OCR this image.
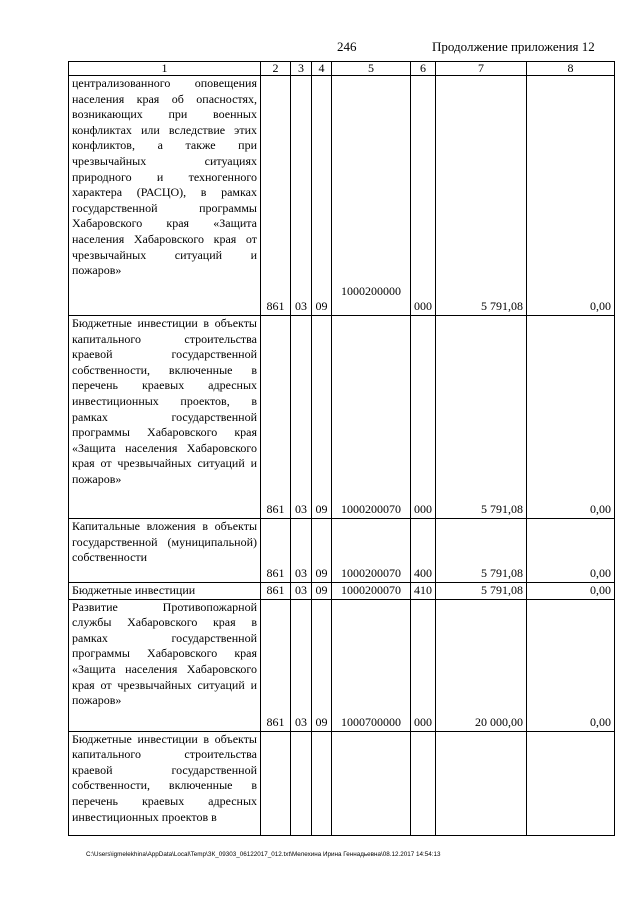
246	Продолжение приложения 12
1	2	3	4	5	6	7	8
централизованного оповещения населения края об опасностях, возникающих при военных конфликтах или вследствие этих конфликтов, а также при чрезвычайных ситуациях природного и техногенного характера (РАСЦО), в рамках государственной программы Хабаровского края «Защита населения Хабаровского края от чрезвычайных ситуаций и пожаров»	861	03	09	1000200000	000	5 791,08	0,00
Бюджетные инвестиции в объекты капитального строительства краевой государственной собственности, включенные в перечень краевых адресных инвестиционных проектов, в рамках государственной программы Хабаровского края «Защита населения Хабаровского края от чрезвычайных ситуаций и пожаров»	861	03	09	1000200070	000	5 791,08	0,00
Капитальные вложения в объекты государственной (муниципальной) собственности	861	03	09	1000200070	400	5 791,08	0,00
Бюджетные инвестиции	861	03	09	1000200070	410	5 791,08	0,00
Развитие Противопожарной службы Хабаровского края в рамках государственной программы Хабаровского края «Защита населения Хабаровского края от чрезвычайных ситуаций и пожаров»	861	03	09	1000700000	000	20 000,00	0,00
Бюджетные инвестиции в объекты капитального строительства краевой государственной собственности, включенные в перечень краевых адресных инвестиционных проектов в							
C:\Users\igmelekhina\AppData\Local\Temp\ЗК_09303_06122017_012.txt\Мелехина Ирина Геннадьевна\08.12.2017 14:54:13
